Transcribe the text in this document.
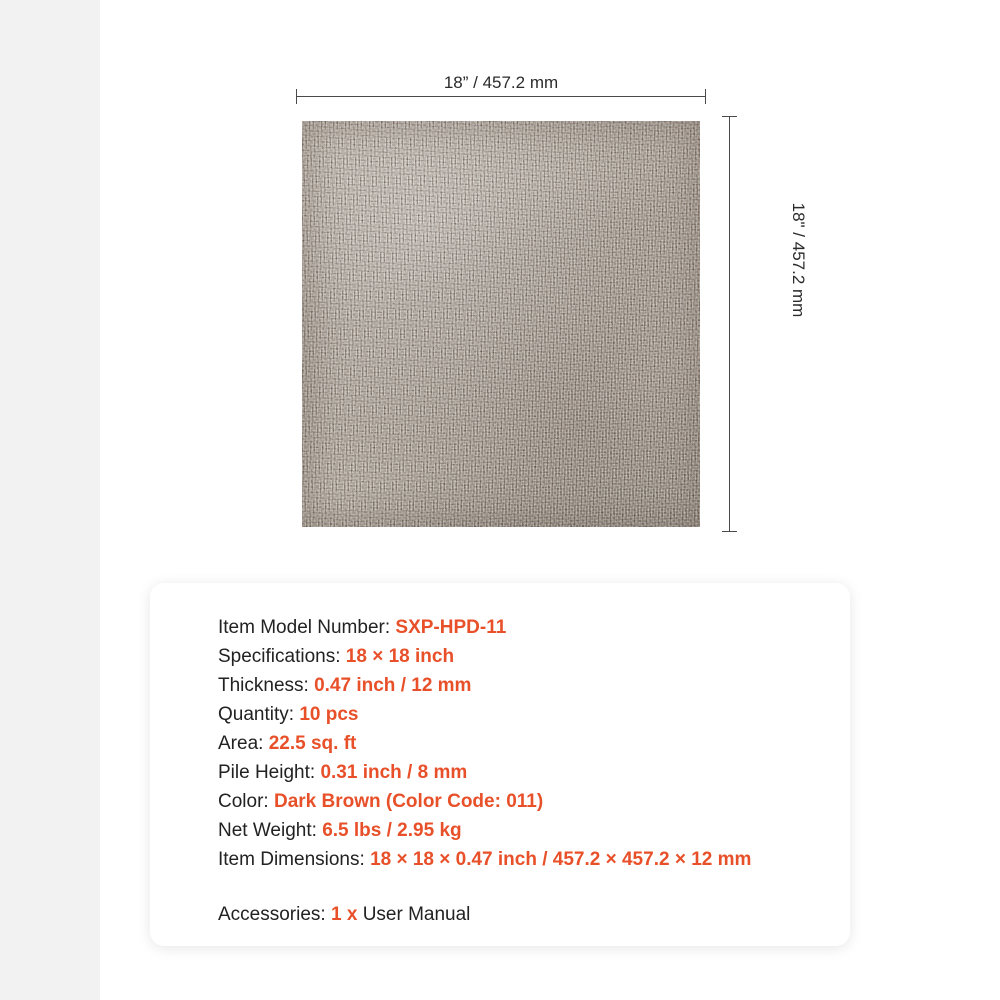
18” / 457.2 mm
18" / 457.2 mm
Item Model Number: SXP-HPD-11
Specifications: 18 × 18 inch
Thickness: 0.47 inch / 12 mm
Quantity: 10 pcs
Area: 22.5 sq. ft
Pile Height: 0.31 inch / 8 mm
Color: Dark Brown (Color Code: 011)
Net Weight: 6.5 lbs / 2.95 kg
Item Dimensions: 18 × 18 × 0.47 inch / 457.2 × 457.2 × 12 mm
Accessories: 1 x User Manual
